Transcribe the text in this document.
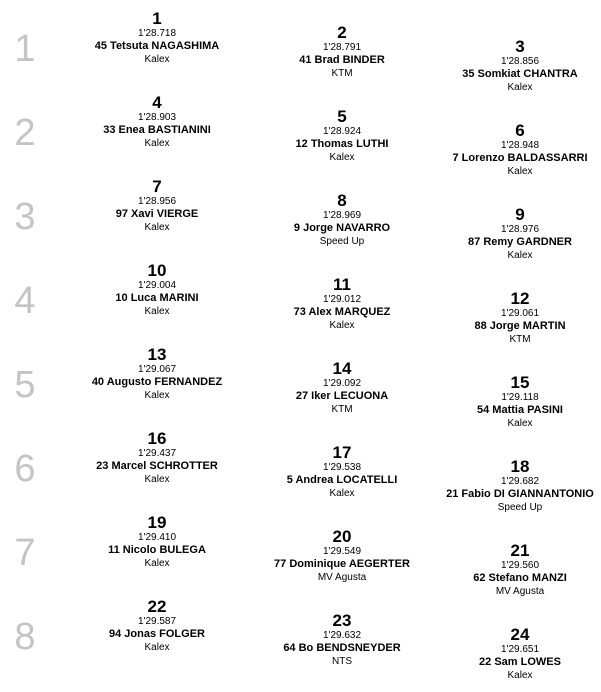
1
1
1'28.718
45 Tetsuta NAGASHIMA
Kalex
2
1'28.791
41 Brad BINDER
KTM
3
1'28.856
35 Somkiat CHANTRA
Kalex
2
4
1'28.903
33 Enea BASTIANINI
Kalex
5
1'28.924
12 Thomas LUTHI
Kalex
6
1'28.948
7 Lorenzo BALDASSARRI
Kalex
3
7
1'28.956
97 Xavi VIERGE
Kalex
8
1'28.969
9 Jorge NAVARRO
Speed Up
9
1'28.976
87 Remy GARDNER
Kalex
4
10
1'29.004
10 Luca MARINI
Kalex
11
1'29.012
73 Alex MARQUEZ
Kalex
12
1'29.061
88 Jorge MARTIN
KTM
5
13
1'29.067
40 Augusto FERNANDEZ
Kalex
14
1'29.092
27 Iker LECUONA
KTM
15
1'29.118
54 Mattia PASINI
Kalex
6
16
1'29.437
23 Marcel SCHROTTER
Kalex
17
1'29.538
5 Andrea LOCATELLI
Kalex
18
1'29.682
21 Fabio DI GIANNANTONIO
Speed Up
7
19
1'29.410
11 Nicolo BULEGA
Kalex
20
1'29.549
77 Dominique AEGERTER
MV Agusta
21
1'29.560
62 Stefano MANZI
MV Agusta
8
22
1'29.587
94 Jonas FOLGER
Kalex
23
1'29.632
64 Bo BENDSNEYDER
NTS
24
1'29.651
22 Sam LOWES
Kalex
